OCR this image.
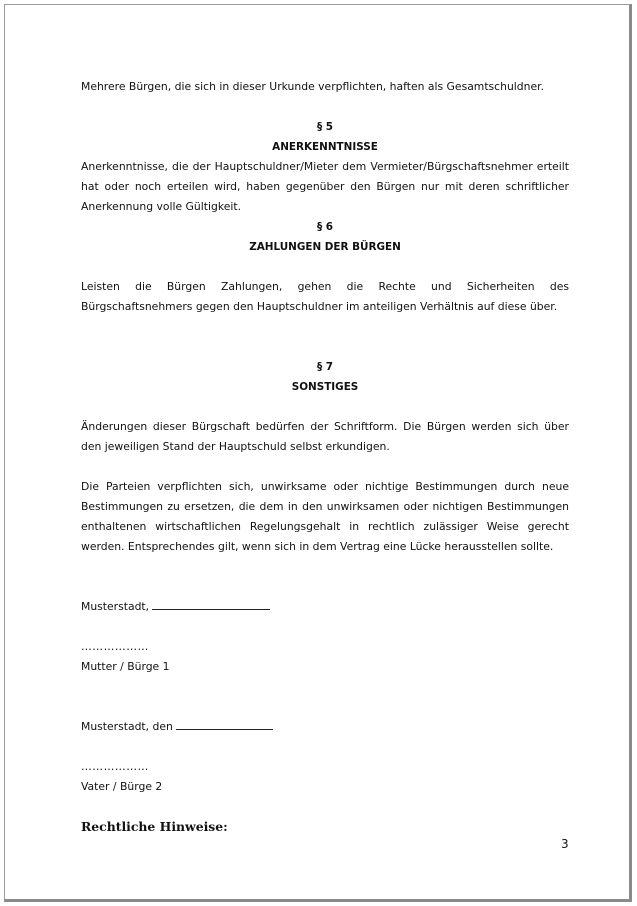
Mehrere Bürgen, die sich in dieser Urkunde verpflichten, haften als Gesamtschuldner.

§ 5

ANERKENNTNISSE

Anerkenntnisse, die der Hauptschuldner/Mieter dem Vermieter/Bürgschaftsnehmer erteilt hat oder noch erteilen wird, haben gegenüber den Bürgen nur mit deren schriftlicher Anerkennung volle Gültigkeit.

§ 6

ZAHLUNGEN DER BÜRGEN

Leisten die Bürgen Zahlungen, gehen die Rechte und Sicherheiten des Bürgschaftsnehmers gegen den Hauptschuldner im anteiligen Verhältnis auf diese über.

§ 7

SONSTIGES

Änderungen dieser Bürgschaft bedürfen der Schriftform. Die Bürgen werden sich über den jeweiligen Stand der Hauptschuld selbst erkundigen.

Die Parteien verpflichten sich, unwirksame oder nichtige Bestimmungen durch neue Bestimmungen zu ersetzen, die dem in den unwirksamen oder nichtigen Bestimmungen enthaltenen wirtschaftlichen Regelungsgehalt in rechtlich zulässiger Weise gerecht werden. Entsprechendes gilt, wenn sich in dem Vertrag eine Lücke herausstellen sollte.

Musterstadt,

………………

Mutter / Bürge 1

Musterstadt, den

………………

Vater / Bürge 2

Rechtliche Hinweise:

3
